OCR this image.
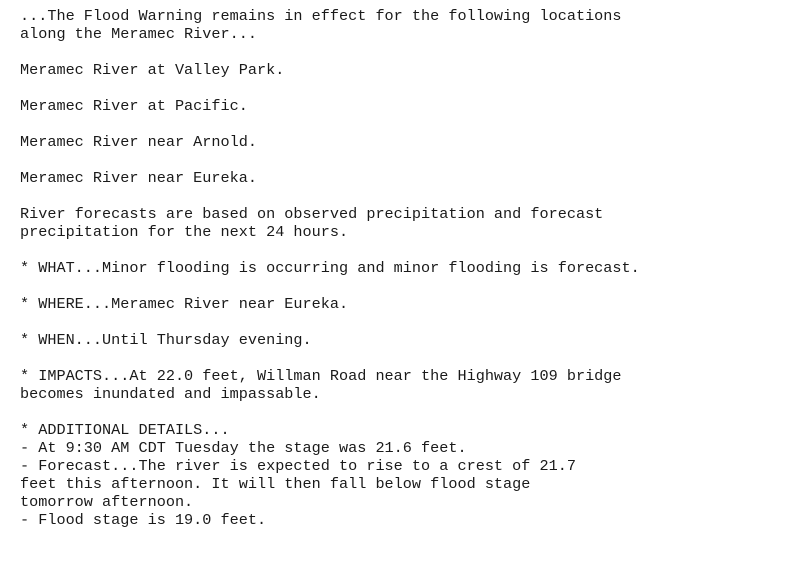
...The Flood Warning remains in effect for the following locations
along the Meramec River...
Meramec River at Valley Park.
Meramec River at Pacific.
Meramec River near Arnold.
Meramec River near Eureka.
River forecasts are based on observed precipitation and forecast
precipitation for the next 24 hours.
* WHAT...Minor flooding is occurring and minor flooding is forecast.
* WHERE...Meramec River near Eureka.
* WHEN...Until Thursday evening.
* IMPACTS...At 22.0 feet, Willman Road near the Highway 109 bridge
becomes inundated and impassable.
* ADDITIONAL DETAILS...
- At 9:30 AM CDT Tuesday the stage was 21.6 feet.
- Forecast...The river is expected to rise to a crest of 21.7
feet this afternoon. It will then fall below flood stage
tomorrow afternoon.
- Flood stage is 19.0 feet.
